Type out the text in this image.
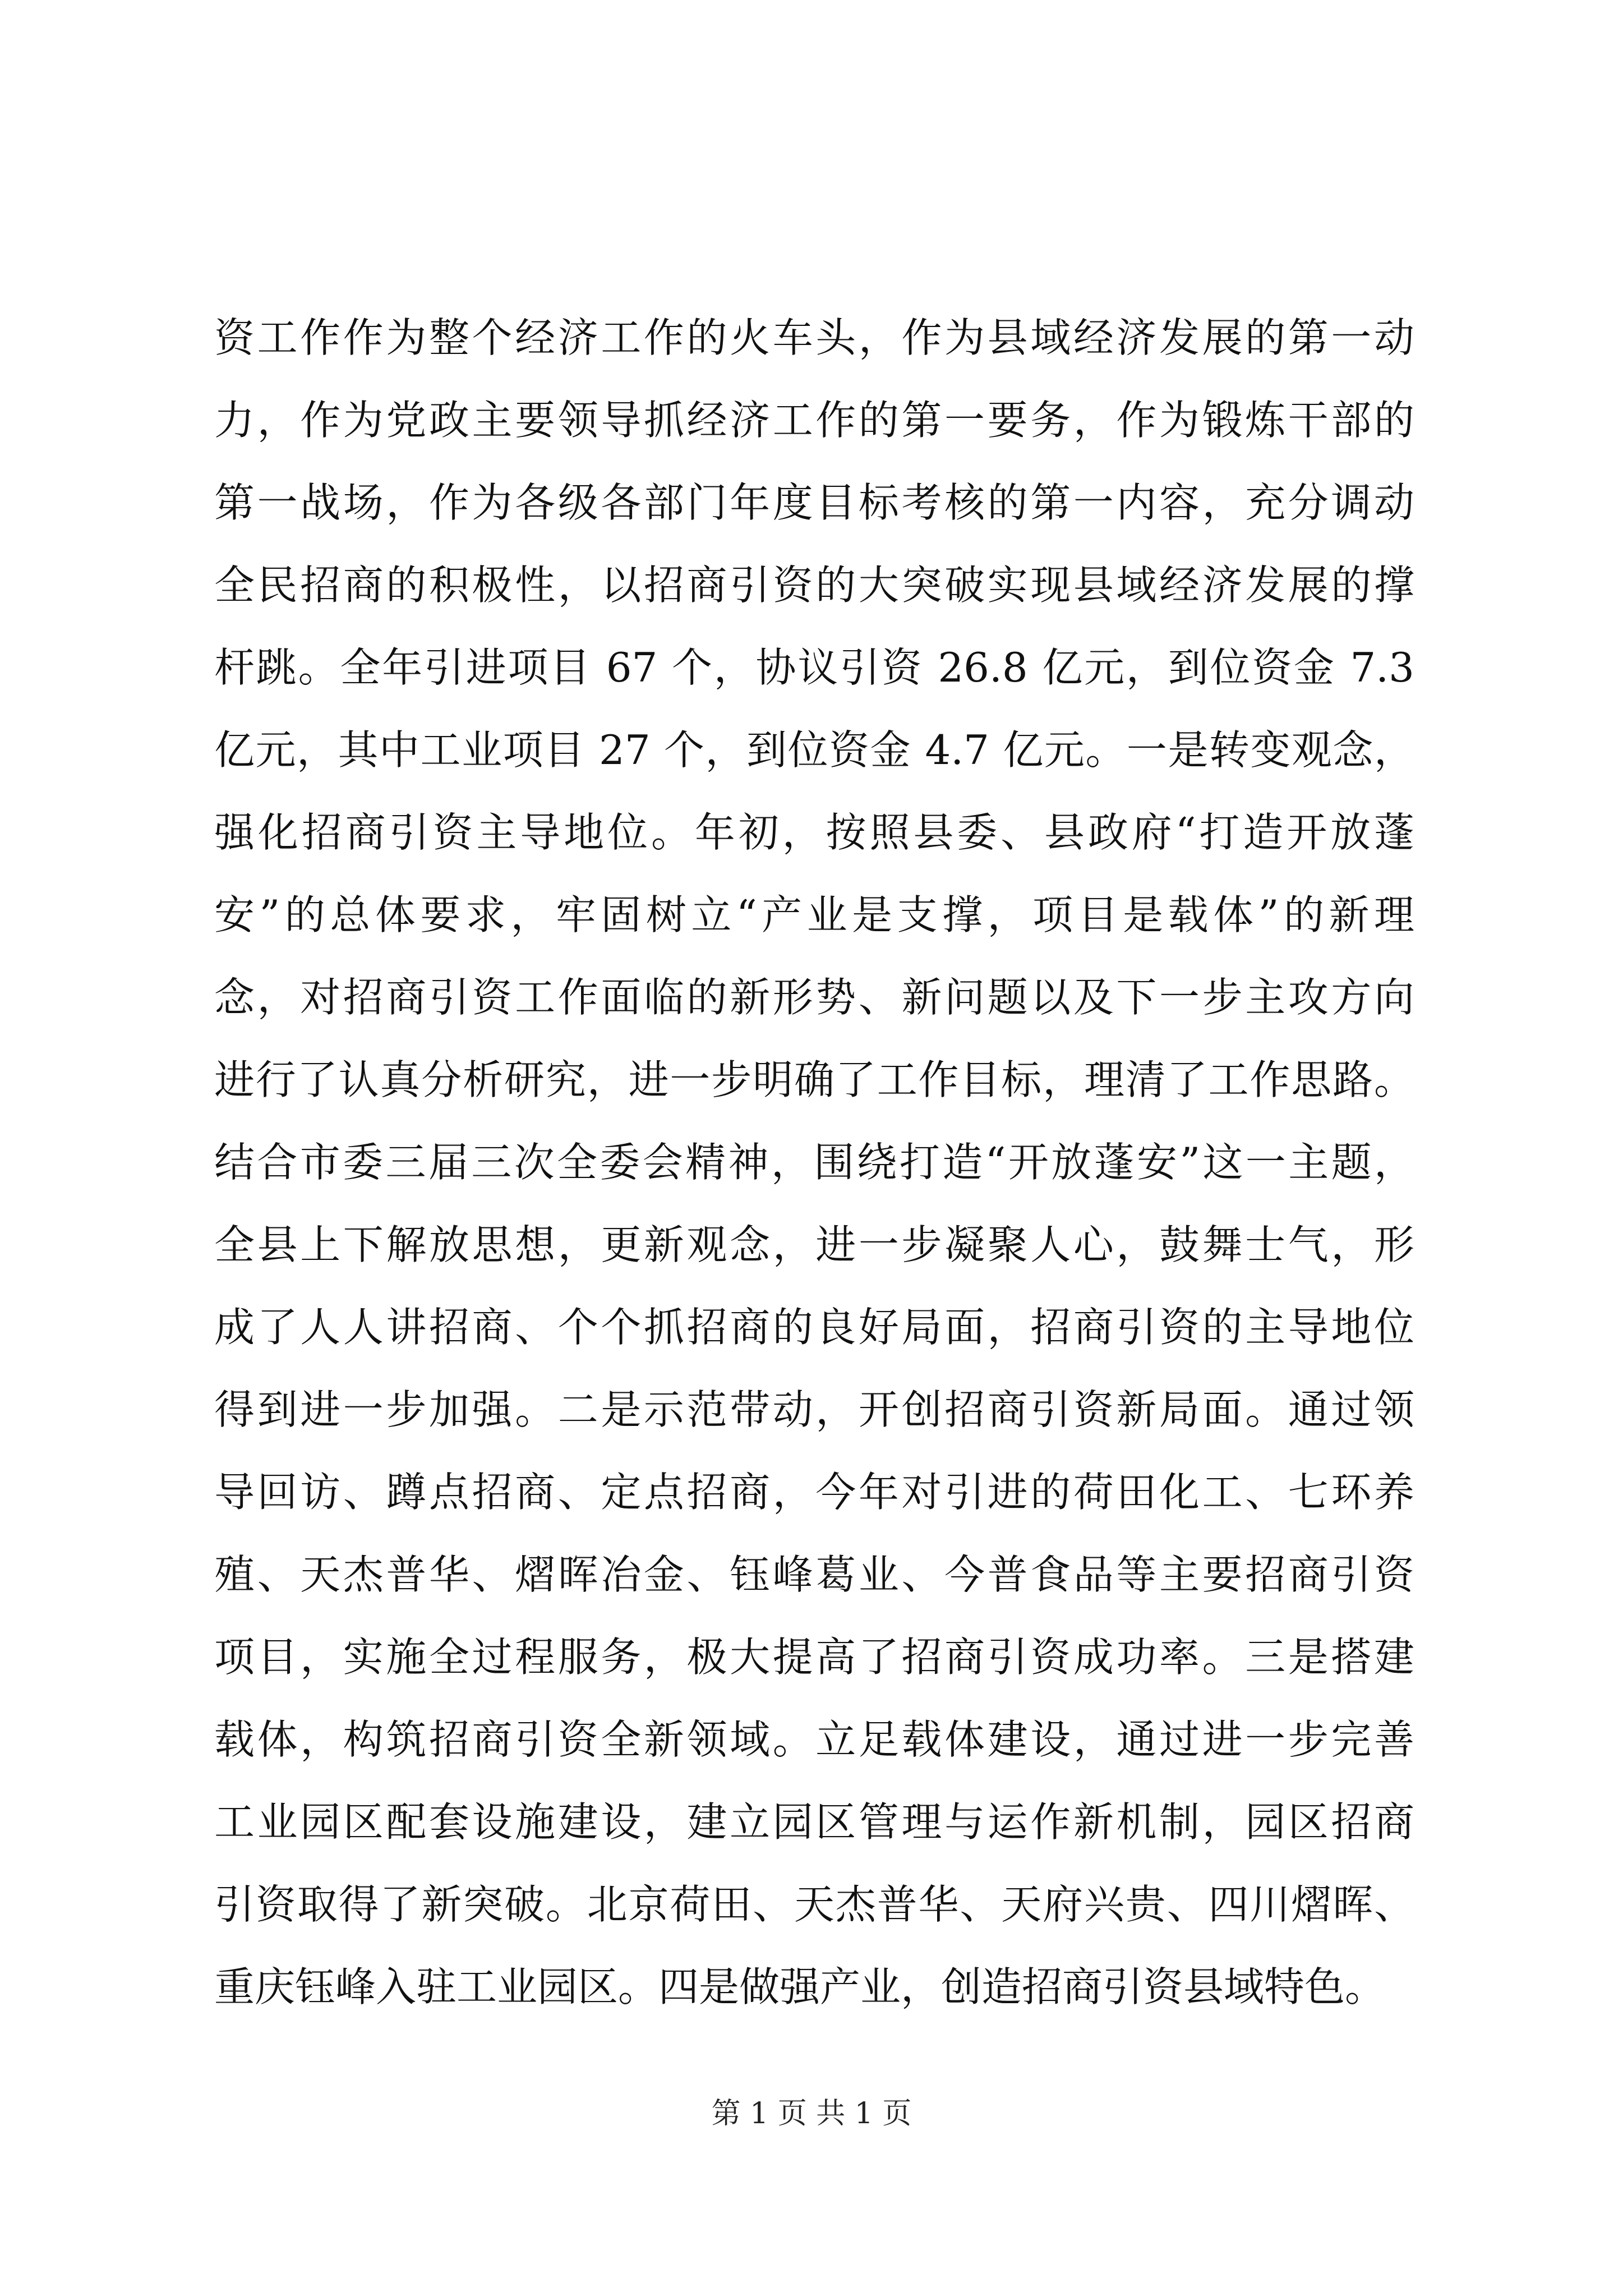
资工作作为整个经济工作的火车头，作为县域经济发展的第一动
力，作为党政主要领导抓经济工作的第一要务，作为锻炼干部的
第一战场，作为各级各部门年度目标考核的第一内容，充分调动
全民招商的积极性，以招商引资的大突破实现县域经济发展的撑
杆跳。全年引进项目 67 个，协议引资 26.8 亿元，到位资金 7.3
亿元，其中工业项目 27 个，到位资金 4.7 亿元。一是转变观念，
强化招商引资主导地位。年初，按照县委、县政府“打造开放蓬
安”的总体要求，牢固树立“产业是支撑，项目是载体”的新理
念，对招商引资工作面临的新形势、新问题以及下一步主攻方向
进行了认真分析研究，进一步明确了工作目标，理清了工作思路。
结合市委三届三次全委会精神，围绕打造“开放蓬安”这一主题，
全县上下解放思想，更新观念，进一步凝聚人心，鼓舞士气，形
成了人人讲招商、个个抓招商的良好局面，招商引资的主导地位
得到进一步加强。二是示范带动，开创招商引资新局面。通过领
导回访、蹲点招商、定点招商，今年对引进的荷田化工、七环养
殖、天杰普华、熠晖冶金、钰峰葛业、今普食品等主要招商引资
项目，实施全过程服务，极大提高了招商引资成功率。三是搭建
载体，构筑招商引资全新领域。立足载体建设，通过进一步完善
工业园区配套设施建设，建立园区管理与运作新机制，园区招商
引资取得了新突破。北京荷田、天杰普华、天府兴贵、四川熠晖、
重庆钰峰入驻工业园区。四是做强产业，创造招商引资县域特色。
第 1 页 共 1 页
